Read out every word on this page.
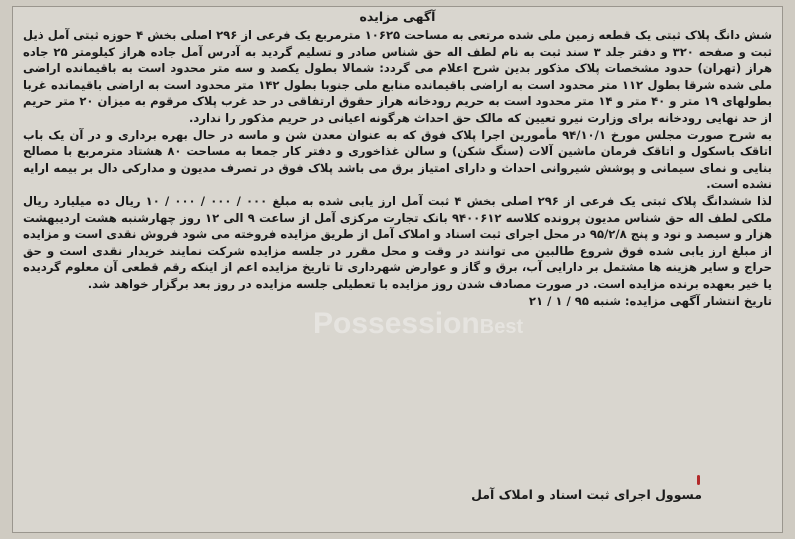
آگهی مزایده

شش دانگ پلاک ثبتی یک قطعه زمین ملی شده مرتعی به مساحت ۱۰۶۲۵ مترمربع یک فرعی از ۲۹۶ اصلی بخش ۴ حوزه ثبتی آمل ذیل ثبت و صفحه ۳۲۰ و دفتر جلد ۳ سند ثبت به نام لطف اله حق شناس صادر و تسلیم گردید به آدرس آمل جاده هراز کیلومتر ۲۵ جاده هراز (تهران) حدود مشخصات پلاک مذکور بدین شرح اعلام می گردد: شمالا بطول یکصد و سه متر محدود است به باقیمانده اراضی ملی شده شرقا بطول ۱۱۲ متر محدود است به اراضی باقیمانده منابع ملی جنوبا بطول ۱۴۲ متر محدود است به اراضی باقیمانده غربا بطولهای ۱۹ متر و ۴۰ متر و ۱۴ متر محدود است به حریم رودخانه هراز حقوق ارتفاقی در حد غرب پلاک مرقوم به میزان ۲۰ متر حریم از حد نهایی رودخانه برای وزارت نیرو تعیین که مالک حق احداث هرگونه اعیانی در حریم مذکور را ندارد.

به شرح صورت مجلس مورخ ۹۴/۱۰/۱ مأمورین اجرا پلاک فوق که به عنوان معدن شن و ماسه در حال بهره برداری و در آن یک باب اتاقک باسکول و اتاقک فرمان ماشین آلات (سنگ شکن) و سالن غذاخوری و دفتر کار جمعا به مساحت ۸۰ هشتاد مترمربع با مصالح بنایی و نمای سیمانی و پوشش شیروانی احداث و دارای امتیاز برق می باشد پلاک فوق در تصرف مدیون و مدارکی دال بر بیمه ارایه نشده است.

لذا ششدانگ پلاک ثبتی یک فرعی از ۲۹۶ اصلی بخش ۴ ثبت آمل ارز یابی شده به مبلغ ۰۰۰ / ۰۰۰ / ۰۰۰ / ۱۰ ریال ده میلیارد ریال ملکی لطف اله حق شناس مدیون پرونده کلاسه ۹۴۰۰۶۱۲ بانک تجارت مرکزی آمل از ساعت ۹ الی ۱۲ روز چهارشنبه هشت اردیبهشت هزار و سیصد و نود و پنج ۹۵/۲/۸ در محل اجرای ثبت اسناد و املاک آمل از طریق مزایده فروخته می شود فروش نقدی است و مزایده از مبلغ ارز یابی شده فوق شروع طالبین می توانند در وقت و محل مقرر در جلسه مزایده شرکت نمایند خریدار نقدی است و حق حراج و سایر هزینه ها مشتمل بر دارایی آب، برق و گاز و عوارض شهرداری تا تاریخ مزایده اعم از اینکه رقم قطعی آن معلوم گردیده یا خیر بعهده برنده مزایده است. در صورت مصادف شدن روز مزایده با تعطیلی جلسه مزایده در روز بعد برگزار خواهد شد.

تاریخ انتشار آگهی مزایده: شنبه ۹۵ / ۱ / ۲۱
مسوول اجرای ثبت اسناد و املاک آمل
PossessionBest
